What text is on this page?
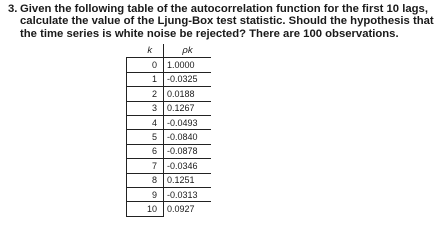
3. Given the following table of the autocorrelation function for the first 10 lags,
calculate the value of the Ljung-Box test statistic. Should the hypothesis that
the time series is white noise be rejected? There are 100 observations.
k	ρk
0	1.0000
1	-0.0325
2	0.0188
3	0.1267
4	-0.0493
5	-0.0840
6	-0.0878
7	-0.0346
8	0.1251
9	-0.0313
10	0.0927
